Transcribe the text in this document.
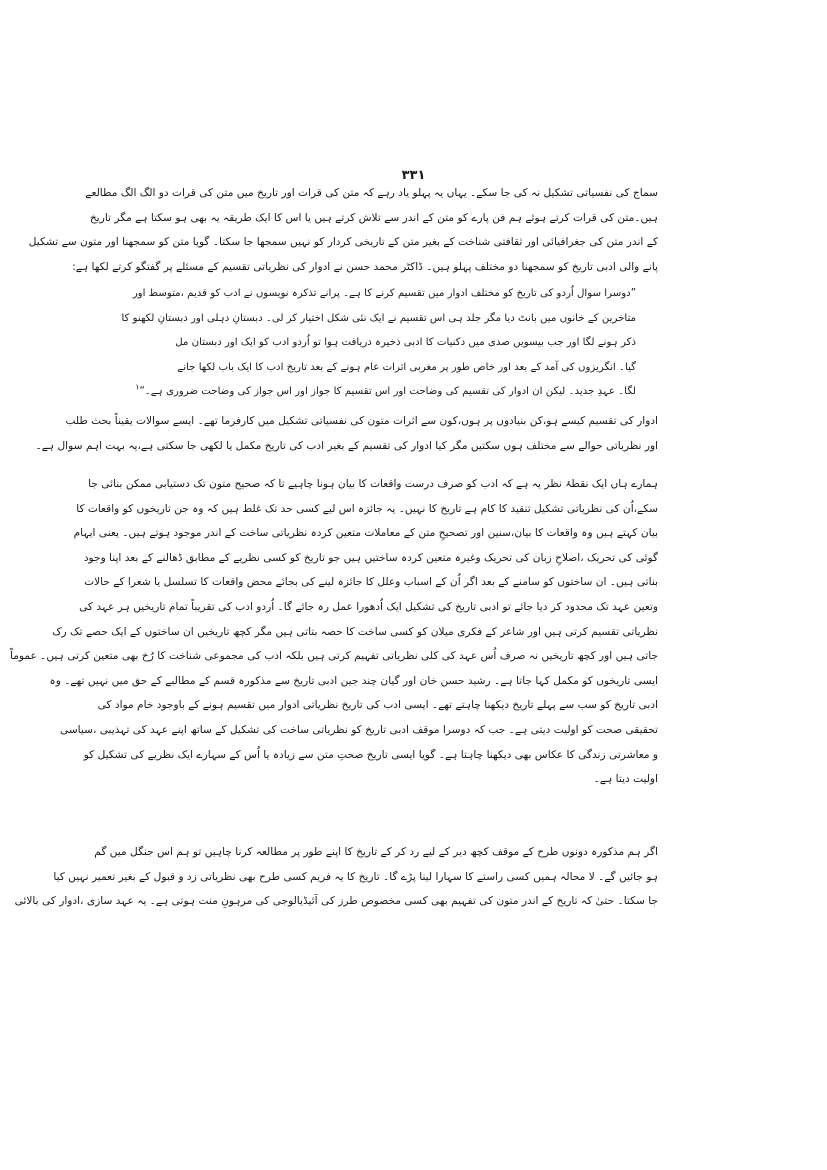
۳۳۱
سماج کی نفسیاتی تشکیل نہ کی جا سکے۔ یہاں یہ پہلو یاد رہے کہ متن کی قرات اور تاریخ میں متن کی قرات دو الگ الگ مطالعے
ہیں۔متن کی قرات کرتے ہوئے ہم فن پارے کو متن کے اندر سے تلاش کرتے ہیں یا اس کا ایک طریقہ یہ بھی ہو سکتا ہے مگر تاریخ
کے اندر متن کی جغرافیائی اور ثقافتی شناخت کے بغیر متن کے تاریخی کردار کو نہیں سمجھا جا سکتا۔ گویا متن کو سمجھنا اور متون سے تشکیل
پانے والی ادبی تاریخ کو سمجھنا دو مختلف پہلو ہیں۔ ڈاکٹر محمد حسن نے ادوار کی نظریاتی تقسیم کے مسئلے پر گفتگو کرتے لکھا ہے:
”دوسرا سوال اُردو کی تاریخ کو مختلف ادوار میں تقسیم کرنے کا ہے۔ پرانے تذکرہ نویسوں نے ادب کو قدیم ،متوسط اور
متاخرین کے خانوں میں بانٹ دیا مگر جلد ہی اس تقسیم نے ایک نئی شکل اختیار کر لی۔ دبستانِ دہلی اور دبستانِ لکھنو کا
ذکر ہونے لگا اور جب بیسویں صدی میں دکنیات کا ادبی ذخیرہ دریافت ہوا تو اُردو ادب کو ایک اور دبستان مل
گیا۔ انگریزوں کی آمد کے بعد اور خاص طور پر مغربی اثرات عام ہونے کے بعد تاریخ ادب کا ایک باب لکھا جانے
لگا۔ عہدِ جدید۔ لیکن ان ادوار کی تقسیم کی وضاحت اور اس تقسیم کا جواز اور اس جواز کی وضاحت ضروری ہے۔“$^۱$
ادوار کی تقسیم کیسے ہو،کن بنیادوں پر ہوں،کون سے اثرات متون کی نفسیاتی تشکیل میں کارفرما تھے۔ ایسے سوالات یقیناً بحث طلب
اور نظریاتی حوالے سے مختلف ہوں سکتیں مگر کیا ادوار کی تقسیم کے بغیر ادب کی تاریخ مکمل یا لکھی جا سکتی ہے،یہ بہت اہم سوال ہے۔
ہمارے ہاں ایک نقطۂ نظر یہ ہے کہ ادب کو صرف درست واقعات کا بیان ہونا چاہیے تا کہ صحیح متون تک دستیابی ممکن بنائی جا
سکے،اُن کی نظریاتی تشکیل تنقید کا کام ہے تاریخ کا نہیں۔ یہ جائزہ اس لیے کسی حد تک غلط ہیں کہ وہ جن تاریخوں کو واقعات کا
بیان کہتے ہیں وہ واقعات کا بیان،سنین اور تصحیحِ متن کے معاملات متعین کردہ نظریاتی ساخت کے اندر موجود ہوتے ہیں۔ یعنی ایہام
گوئی کی تحریک ،اصلاحِ زبان کی تحریک وغیرہ متعین کردہ ساختیں ہیں جو تاریخ کو کسی نظریے کے مطابق ڈھالنے کے بعد اپنا وجود
بناتی ہیں۔ ان ساختوں کو سامنے کے بعد اگر اُن کے اسباب وعلل کا جائزہ لینے کی بجائے محض واقعات کا تسلسل یا شعرا کے حالات
وتعین عہد تک محدود کر دیا جائے تو ادبی تاریخ کی تشکیل ایک اُدھورا عمل رہ جائے گا۔ اُردو ادب کی تقریباً تمام تاریخیں ہر عہد کی
نظریاتی تقسیم کرتی ہیں اور شاعر کے فکری میلان کو کسی ساخت کا حصہ بتاتی ہیں مگر کچھ تاریخیں ان ساختوں کے ایک حصے تک رک
جاتی ہیں اور کچھ تاریخیں نہ صرف اُس عہد کی کلی نظریاتی تفہیم کرتی ہیں بلکہ ادب کی مجموعی شناخت کا رُخ بھی متعین کرتی ہیں۔ عموماً
ایسی تاریخوں کو مکمل کہا جاتا ہے۔ رشید حسن خان اور گیان چند جین ادبی تاریخ سے مذکورہ قسم کے مطالبے کے حق میں نہیں تھے۔ وہ
ادبی تاریخ کو سب سے پہلے تاریخ دیکھنا چاہتے تھے۔ ایسی ادب کی تاریخ نظریاتی ادوار میں تقسیم ہونے کے باوجود خام مواد کی
تحقیقی صحت کو اولیت دیتی ہے۔ جب کہ دوسرا موقف ادبی تاریخ کو نظریاتی ساخت کی تشکیل کے ساتھ اپنے عہد کی تہذیبی ،سیاسی
و معاشرتی زندگی کا عکاس بھی دیکھنا چاہتا ہے۔ گویا ایسی تاریخ صحتِ متن سے زیادہ یا اُس کے سہارے ایک نظریے کی تشکیل کو
اولیت دیتا ہے۔
اگر ہم مذکورہ دونوں طرح کے موقف کچھ دیر کے لیے رد کر کے تاریخ کا اپنے طور پر مطالعہ کرنا چاہیں تو ہم اس جنگل میں گم
ہو جائیں گے۔ لا محالہ ہمیں کسی راستے کا سہارا لینا پڑے گا۔ تاریخ کا یہ فریم کسی طرح بھی نظریاتی زد و قبول کے بغیر تعمیر نہیں کیا
جا سکتا۔ حتیٰ کہ تاریخ کے اندر متون کی تفہیم بھی کسی مخصوص طرز کی آئیڈیالوجی کی مرہونِ منت ہوتی ہے۔ یہ عہد سازی ،ادوار کی بالائی
